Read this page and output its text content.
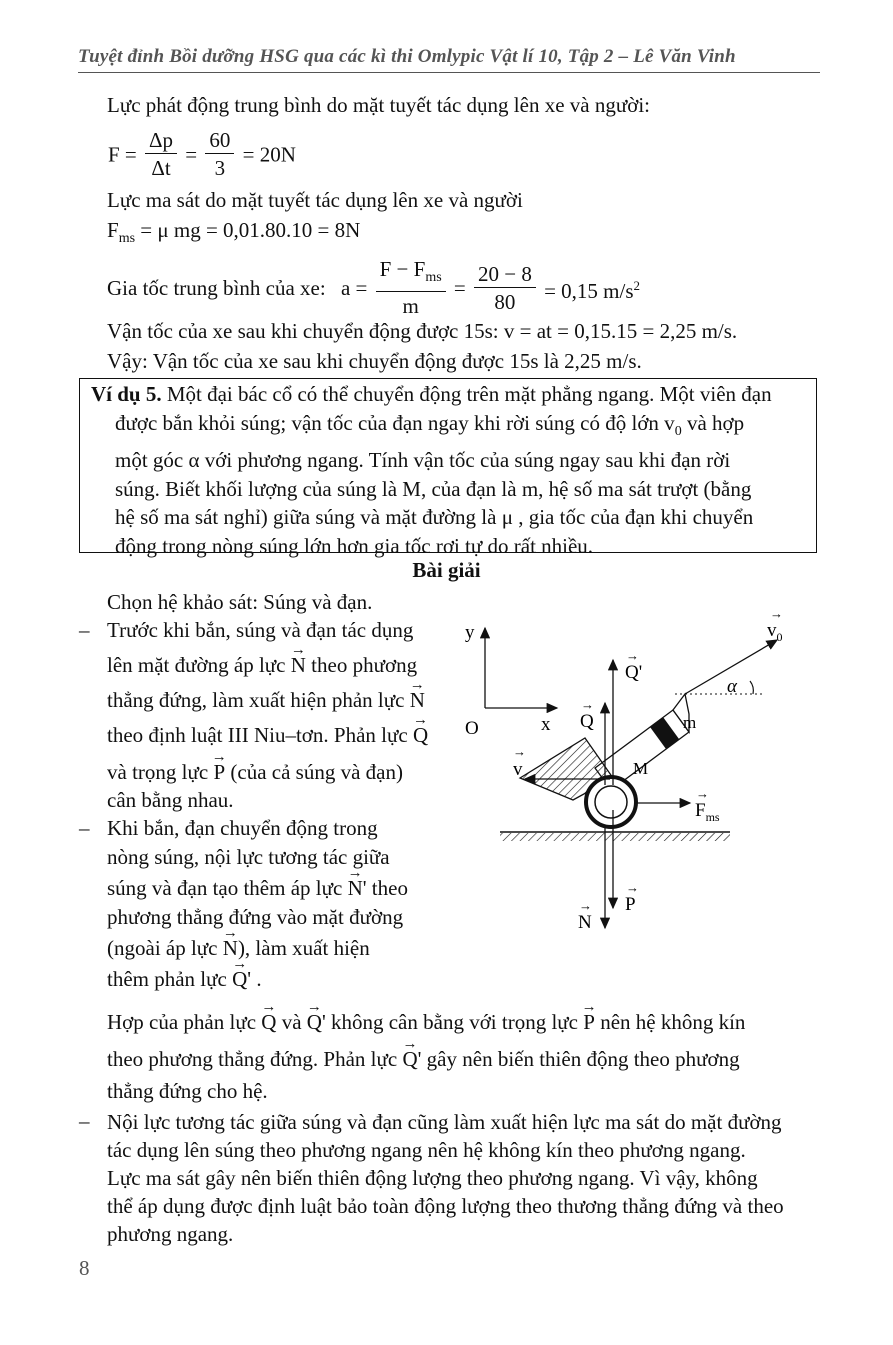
Tuyệt đỉnh Bồi dưỡng HSG qua các kì thi Omlypic Vật lí 10, Tập 2 – Lê Văn Vinh
Lực phát động trung bình do mặt tuyết tác dụng lên xe và người:
$F = \frac{\Delta p}{\Delta t} = \frac{60}{3} = 20N$
Lực ma sát do mặt tuyết tác dụng lên xe và người
$F_{ms} = \mu$ mg = 0,01.80.10 = 8N
Gia tốc trung bình của xe: $a = \frac{F - F_{ms}}{m} = \frac{20 - 8}{80} = 0,15$ $m/s^2$
Vận tốc của xe sau khi chuyển động được 15s: v = at = 0,15.15 = 2,25 m/s.
Vậy: Vận tốc của xe sau khi chuyển động được 15s là 2,25 m/s.
Ví dụ 5. Một đại bác cổ có thể chuyển động trên mặt phẳng ngang. Một viên đạn
được bắn khỏi súng; vận tốc của đạn ngay khi rời súng có độ lớn $v_0$ và hợp
một góc α với phương ngang. Tính vận tốc của súng ngay sau khi đạn rời
súng. Biết khối lượng của súng là M, của đạn là m, hệ số ma sát trượt (bằng
hệ số ma sát nghỉ) giữa súng và mặt đường là μ , gia tốc của đạn khi chuyển
động trong nòng súng lớn hơn gia tốc rơi tự do rất nhiều.
Bài giải
Chọn hệ khảo sát: Súng và đạn.
– Trước khi bắn, súng và đạn tác dụng
lên mặt đường áp lực → N theo phương
thẳng đứng, làm xuất hiện phản lực → N
theo định luật III Niu–tơn. Phản lực → Q
và trọng lực → P (của cả súng và đạn)
cân bằng nhau.
– Khi bắn, đạn chuyển động trong
nòng súng, nội lực tương tác giữa
súng và đạn tạo thêm áp lực → N' theo
phương thẳng đứng vào mặt đường
(ngoài áp lực → N), làm xuất hiện
thêm phản lực → Q' .
y
x
O
α
$v_0$
→
Q'
→
Q
→
m
M
v
→
$F_{ms}$
→
P
→
N
→
Hợp của phản lực → Q và → Q' không cân bằng với trọng lực → P nên hệ không kín
theo phương thẳng đứng. Phản lực → Q' gây nên biến thiên động theo phương
thẳng đứng cho hệ.
– Nội lực tương tác giữa súng và đạn cũng làm xuất hiện lực ma sát do mặt đường
tác dụng lên súng theo phương ngang nên hệ không kín theo phương ngang.
Lực ma sát gây nên biến thiên động lượng theo phương ngang. Vì vậy, không
thể áp dụng được định luật bảo toàn động lượng theo thương thẳng đứng và theo
phương ngang.
8
